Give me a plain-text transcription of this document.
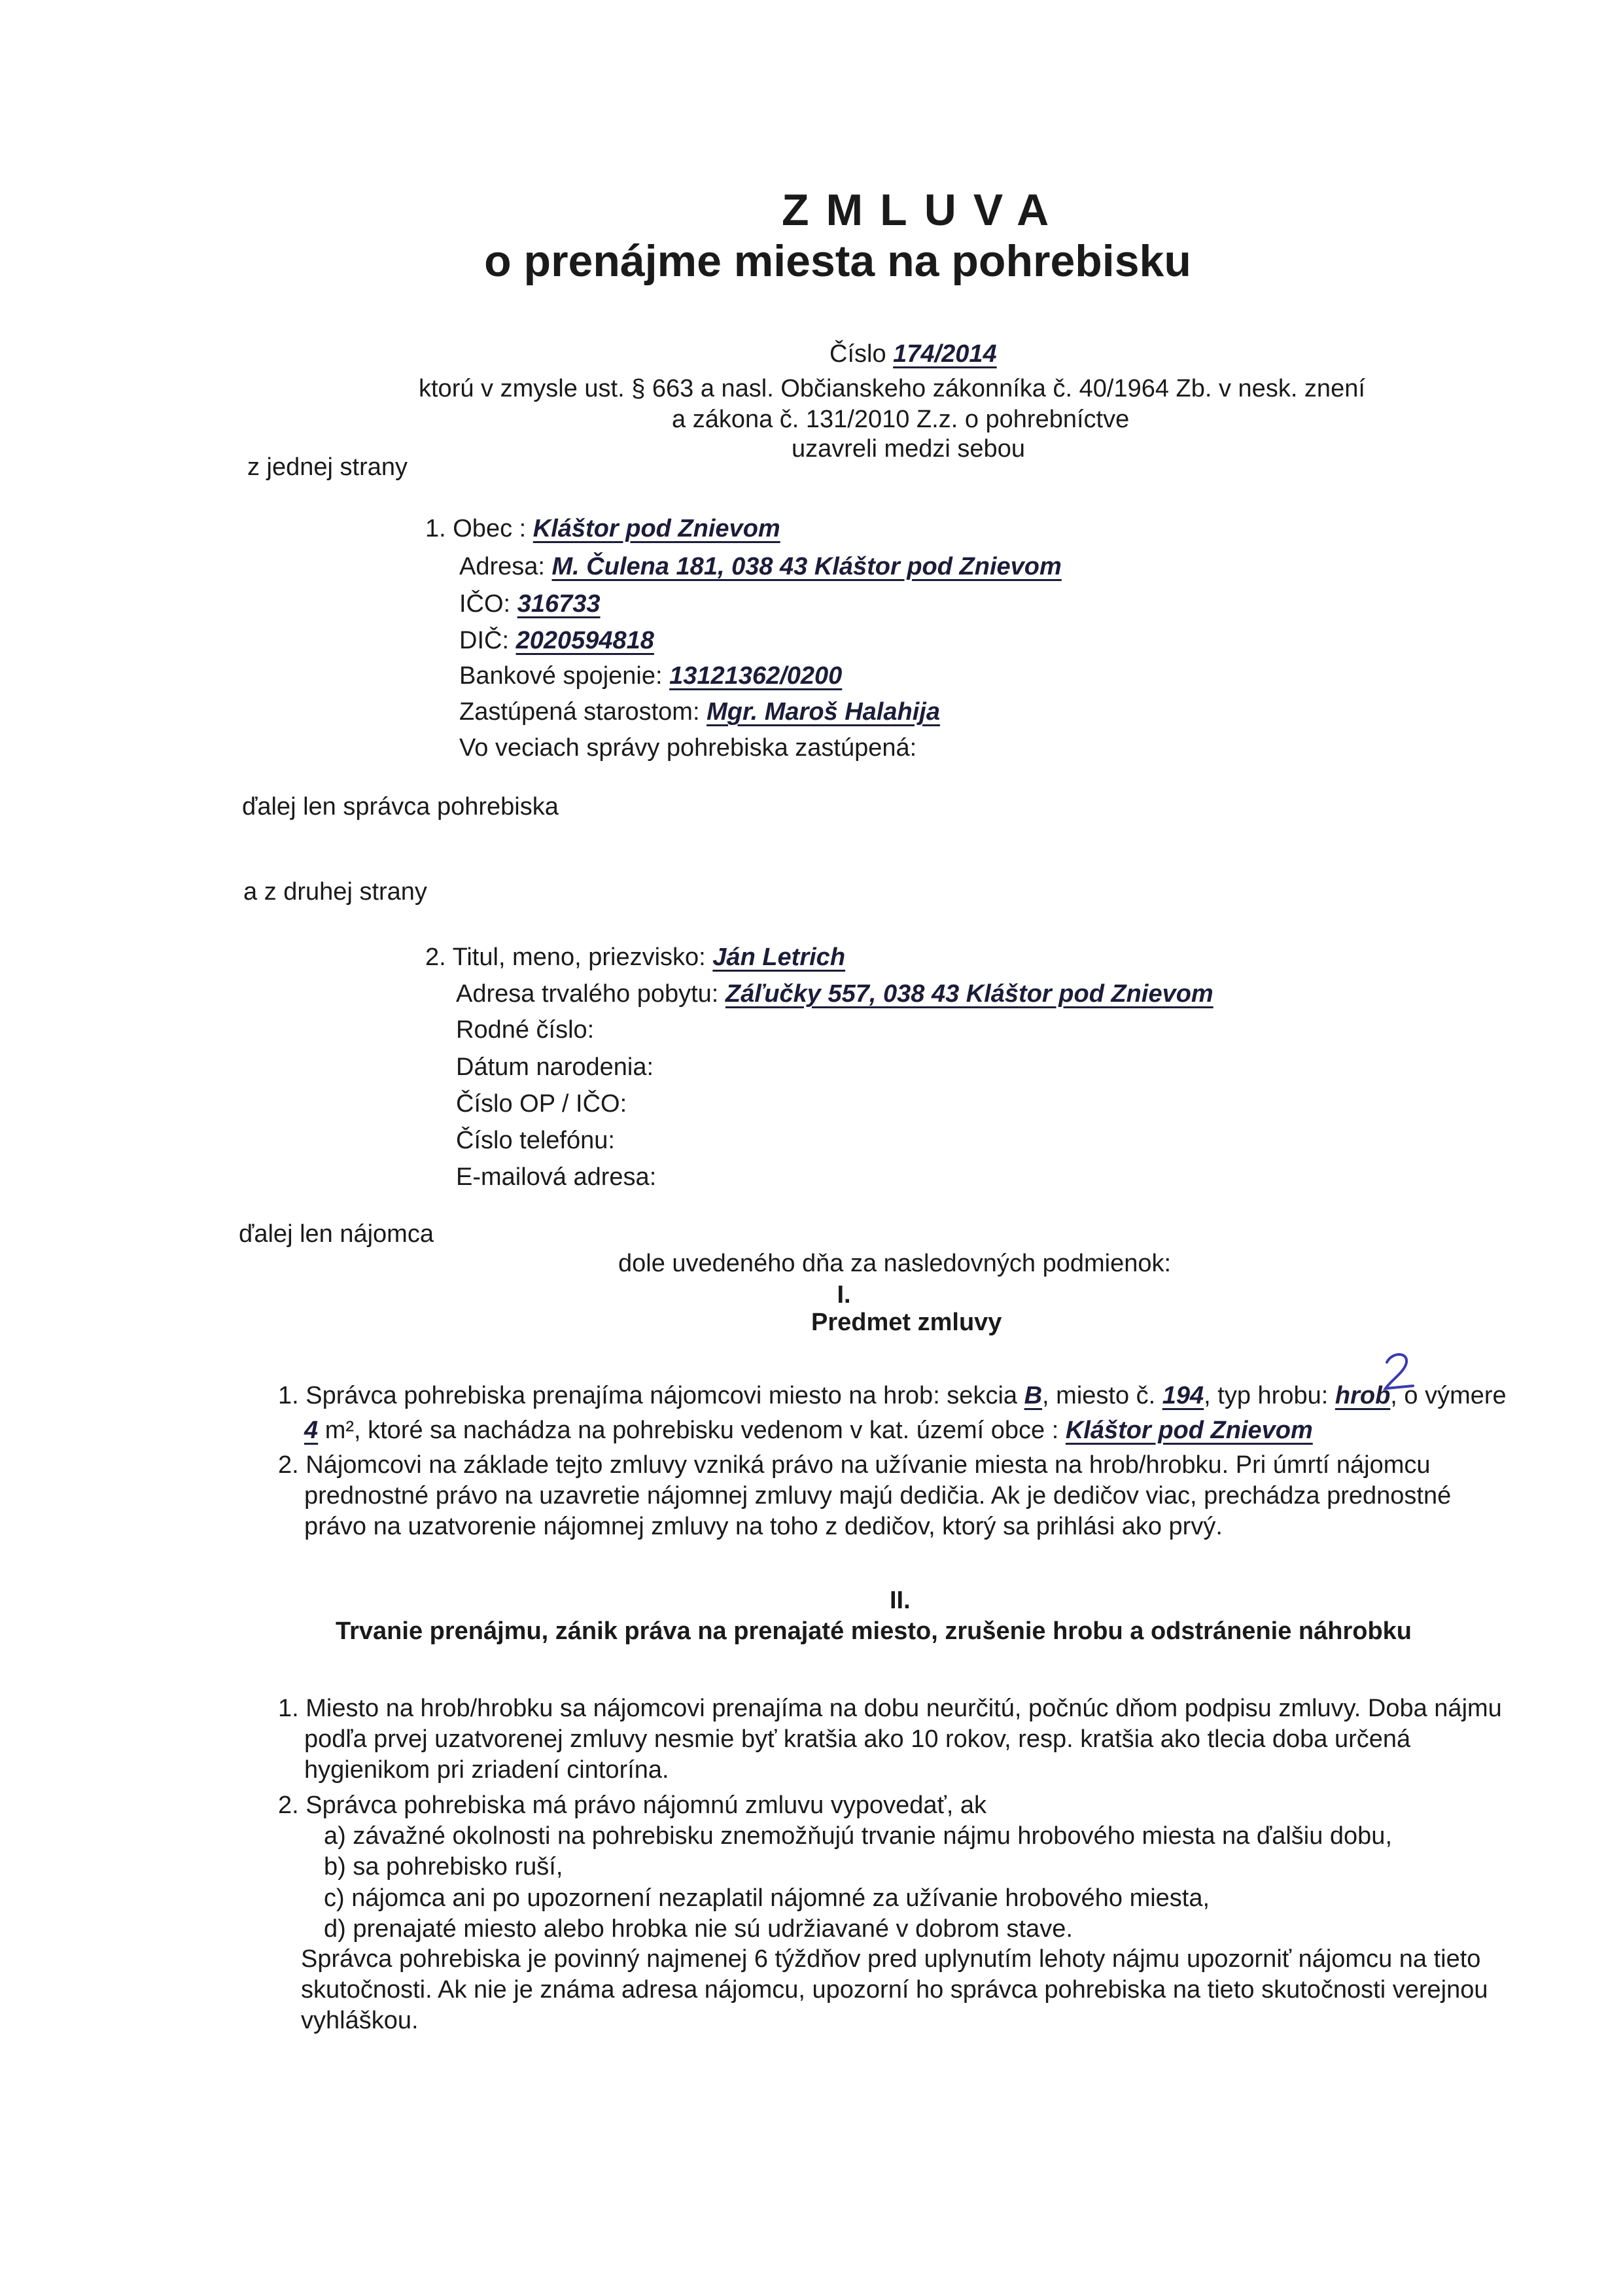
ZMLUVA
o prenájme miesta na pohrebisku
Číslo 174/2014
ktorú v zmysle ust. § 663 a nasl. Občianskeho zákonníka č. 40/1964 Zb. v nesk. znení
a zákona č. 131/2010 Z.z. o pohrebníctve
uzavreli medzi sebou
z jednej strany
1. Obec : Kláštor pod Znievom
Adresa: M. Čulena 181, 038 43 Kláštor pod Znievom
IČO: 316733
DIČ: 2020594818
Bankové spojenie: 13121362/0200
Zastúpená starostom: Mgr. Maroš Halahija
Vo veciach správy pohrebiska zastúpená:
ďalej len správca pohrebiska
a z druhej strany
2. Titul, meno, priezvisko: Ján Letrich
Adresa trvalého pobytu: Záľučky 557, 038 43 Kláštor pod Znievom
Rodné číslo:
Dátum narodenia:
Číslo OP / IČO:
Číslo telefónu:
E-mailová adresa:
ďalej len nájomca
dole uvedeného dňa za nasledovných podmienok:
I.
Predmet zmluvy
1. Správca pohrebiska prenajíma nájomcovi miesto na hrob: sekcia B, miesto č. 194, typ hrobu: hrob, o výmere
4 m², ktoré sa nachádza na pohrebisku vedenom v kat. území obce : Kláštor pod Znievom
2. Nájomcovi na základe tejto zmluvy vzniká právo na užívanie miesta na hrob/hrobku. Pri úmrtí nájomcu
prednostné právo na uzavretie nájomnej zmluvy majú dedičia. Ak je dedičov viac, prechádza prednostné
právo na uzatvorenie nájomnej zmluvy na toho z dedičov, ktorý sa prihlási ako prvý.
II.
Trvanie prenájmu, zánik práva na prenajaté miesto, zrušenie hrobu a odstránenie náhrobku
1. Miesto na hrob/hrobku sa nájomcovi prenajíma na dobu neurčitú, počnúc dňom podpisu zmluvy. Doba nájmu
podľa prvej uzatvorenej zmluvy nesmie byť kratšia ako 10 rokov, resp. kratšia ako tlecia doba určená
hygienikom pri zriadení cintorína.
2. Správca pohrebiska má právo nájomnú zmluvu vypovedať, ak
a) závažné okolnosti na pohrebisku znemožňujú trvanie nájmu hrobového miesta na ďalšiu dobu,
b) sa pohrebisko ruší,
c) nájomca ani po upozornení nezaplatil nájomné za užívanie hrobového miesta,
d) prenajaté miesto alebo hrobka nie sú udržiavané v dobrom stave.
Správca pohrebiska je povinný najmenej 6 týždňov pred uplynutím lehoty nájmu upozorniť nájomcu na tieto
skutočnosti. Ak nie je známa adresa nájomcu, upozorní ho správca pohrebiska na tieto skutočnosti verejnou
vyhláškou.
